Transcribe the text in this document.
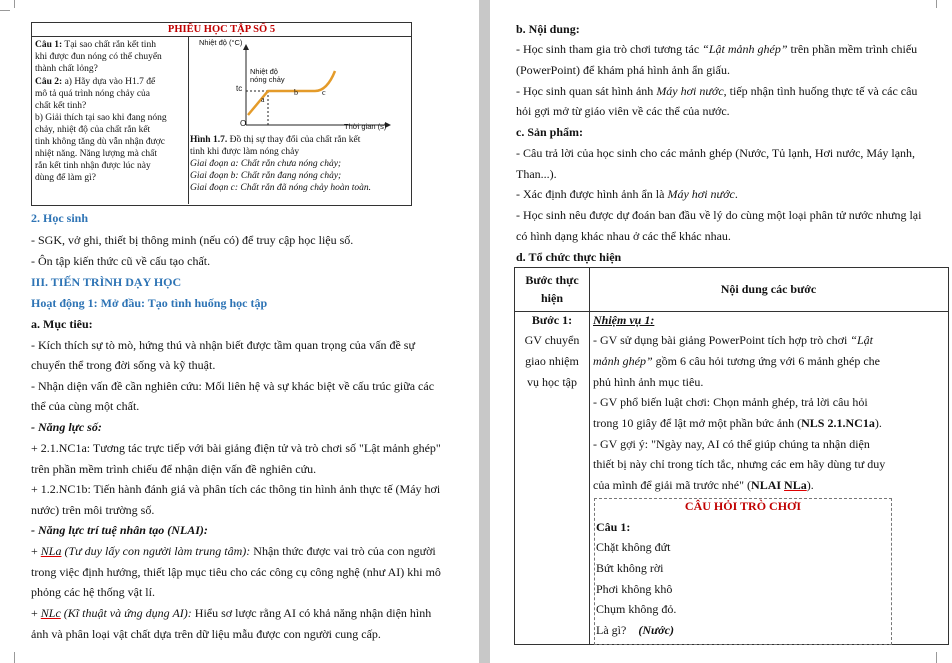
PHIẾU HỌC TẬP SỐ 5
Câu 1: Tại sao chất rắn kết tinh
khi được đun nóng có thể chuyển
thành chất lỏng?
Câu 2: a) Hãy dựa vào H1.7 để
mô tả quá trình nóng chảy của
chất kết tinh?
b) Giải thích tại sao khi đang nóng
chảy, nhiệt độ của chất rắn kết
tinh không tăng dù vẫn nhận được
nhiệt năng. Năng lượng mà chất
rắn kết tinh nhận được lúc này
dùng để làm gì?
Nhiệt độ (°C)
Thời gian (s)
Nhiệt độ
nóng chảy
tc
O
a
b	c
Hình 1.7. Đồ thị sự thay đổi của chất rắn kết
tinh khi được làm nóng chảy
Giai đoạn a: Chất rắn chưa nóng chảy;
Giai đoạn b: Chất rắn đang nóng chảy;
Giai đoạn c: Chất rắn đã nóng chảy hoàn toàn.
2. Học sinh
- SGK, vở ghi, thiết bị thông minh (nếu có) để truy cập học liệu số.
- Ôn tập kiến thức cũ về cấu tạo chất.
III. TIẾN TRÌNH DẠY HỌC
Hoạt động 1: Mở đầu: Tạo tình huống học tập
a. Mục tiêu:
- Kích thích sự tò mò, hứng thú và nhận biết được tầm quan trọng của vấn đề sự
chuyển thể trong đời sống và kỹ thuật.
- Nhận diện vấn đề cần nghiên cứu: Mối liên hệ và sự khác biệt về cấu trúc giữa các
thể của cùng một chất.
- Năng lực số:
+ 2.1.NC1a: Tương tác trực tiếp với bài giảng điện tử và trò chơi số "Lật mảnh ghép"
trên phần mềm trình chiếu để nhận diện vấn đề nghiên cứu.
+ 1.2.NC1b: Tiến hành đánh giá và phân tích các thông tin hình ảnh thực tế (Máy hơi
nước) trên môi trường số.
- Năng lực trí tuệ nhân tạo (NLAI):
+ NLa (Tư duy lấy con người làm trung tâm): Nhận thức được vai trò của con người
trong việc định hướng, thiết lập mục tiêu cho các công cụ công nghệ (như AI) khi mô
phỏng các hệ thống vật lí.
+ NLc (Kĩ thuật và ứng dụng AI): Hiểu sơ lược rằng AI có khả năng nhận diện hình
ảnh và phân loại vật chất dựa trên dữ liệu mẫu được con người cung cấp.
b. Nội dung:
- Học sinh tham gia trò chơi tương tác “Lật mảnh ghép” trên phần mềm trình chiếu
(PowerPoint) để khám phá hình ảnh ẩn giấu.
- Học sinh quan sát hình ảnh Máy hơi nước, tiếp nhận tình huống thực tế và các câu
hỏi gợi mở từ giáo viên về các thể của nước.
c. Sản phẩm:
- Câu trả lời của học sinh cho các mảnh ghép (Nước, Tủ lạnh, Hơi nước, Máy lạnh,
Than...).
- Xác định được hình ảnh ẩn là Máy hơi nước.
- Học sinh nêu được dự đoán ban đầu về lý do cùng một loại phân tử nước nhưng lại
có hình dạng khác nhau ở các thể khác nhau.
d. Tổ chức thực hiện
Bước thực
hiện
Nội dung các bước
Bước 1:
GV chuyển
giao nhiệm
vụ học tập
Nhiệm vụ 1:
- GV sử dụng bài giảng PowerPoint tích hợp trò chơi “Lật
mảnh ghép” gồm 6 câu hỏi tương ứng với 6 mảnh ghép che
phủ hình ảnh mục tiêu.
- GV phổ biến luật chơi: Chọn mảnh ghép, trả lời câu hỏi
trong 10 giây để lật mở một phần bức ảnh (NLS 2.1.NC1a).
- GV gợi ý: "Ngày nay, AI có thể giúp chúng ta nhận diện
thiết bị này chỉ trong tích tắc, nhưng các em hãy dùng tư duy
của mình để giải mã trước nhé" (NLAI NLa).
CÂU HỎI TRÒ CHƠI
Câu 1:
Chặt không đứt
Bứt không rời
Phơi không khô
Chụm không đỏ.
Là gì? (Nước)
